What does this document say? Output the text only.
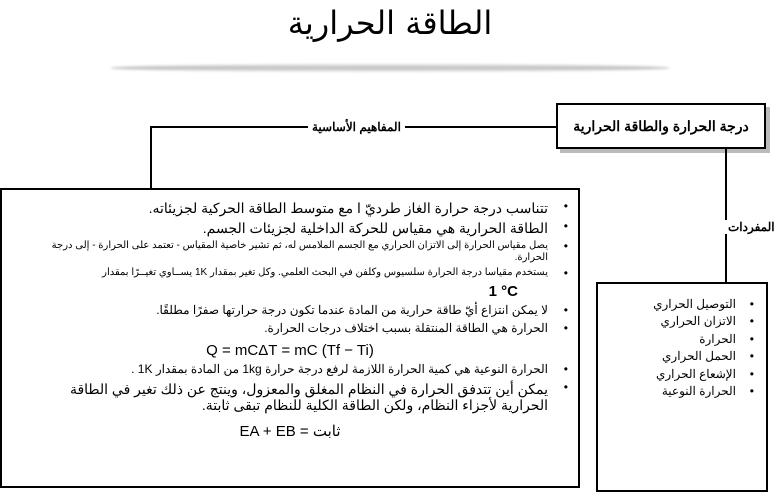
الطاقة الحرارية
درجة الحرارة والطاقة الحرارية
المفاهيم الأساسية
المفردات
• تتناسب درجة حرارة الغاز طرديّ ا مع متوسط الطاقة الحركية لجزيئاته.
• الطاقة الحرارية هي مقياس للحركة الداخلية لجزيئات الجسم.
• يصل مقياس الحرارة إلى الاتزان الحراري مع الجسم الملامس له، ثم تشير خاصية المقياس - تعتمد على الحرارة - إلى درجة الحرارة.
• يستخدم مقياسا درجة الحرارة سلسيوس وكلفن في البحث العلمي. وكل تغير بمقدار 1K يســاوي تغيــرًا بمقدار
1 °C
• لا يمكن انتزاع أيّ طاقة حرارية من المادة عندما تكون درجة حرارتها صفرًا مطلقًا.
• الحرارة هي الطاقة المنتقلة بسبب اختلاف درجات الحرارة.
Q = mCΔT = mC (Tf − Ti)
• الحرارة النوعية هي كمية الحرارة اللازمة لرفع درجة حرارة 1kg من المادة بمقدار 1K .
• يمكن أين تتدفق الحرارة في النظام المغلق والمعزول، وينتج عن ذلك تغير في الطاقة الحرارية لأجزاء النظام، ولكن الطاقة الكلية للنظام تبقى ثابتة.
EA + EB = ثابت
• التوصيل الحراري
• الاتزان الحراري
• الحرارة
• الحمل الحراري
• الإشعاع الحراري
• الحرارة النوعية
